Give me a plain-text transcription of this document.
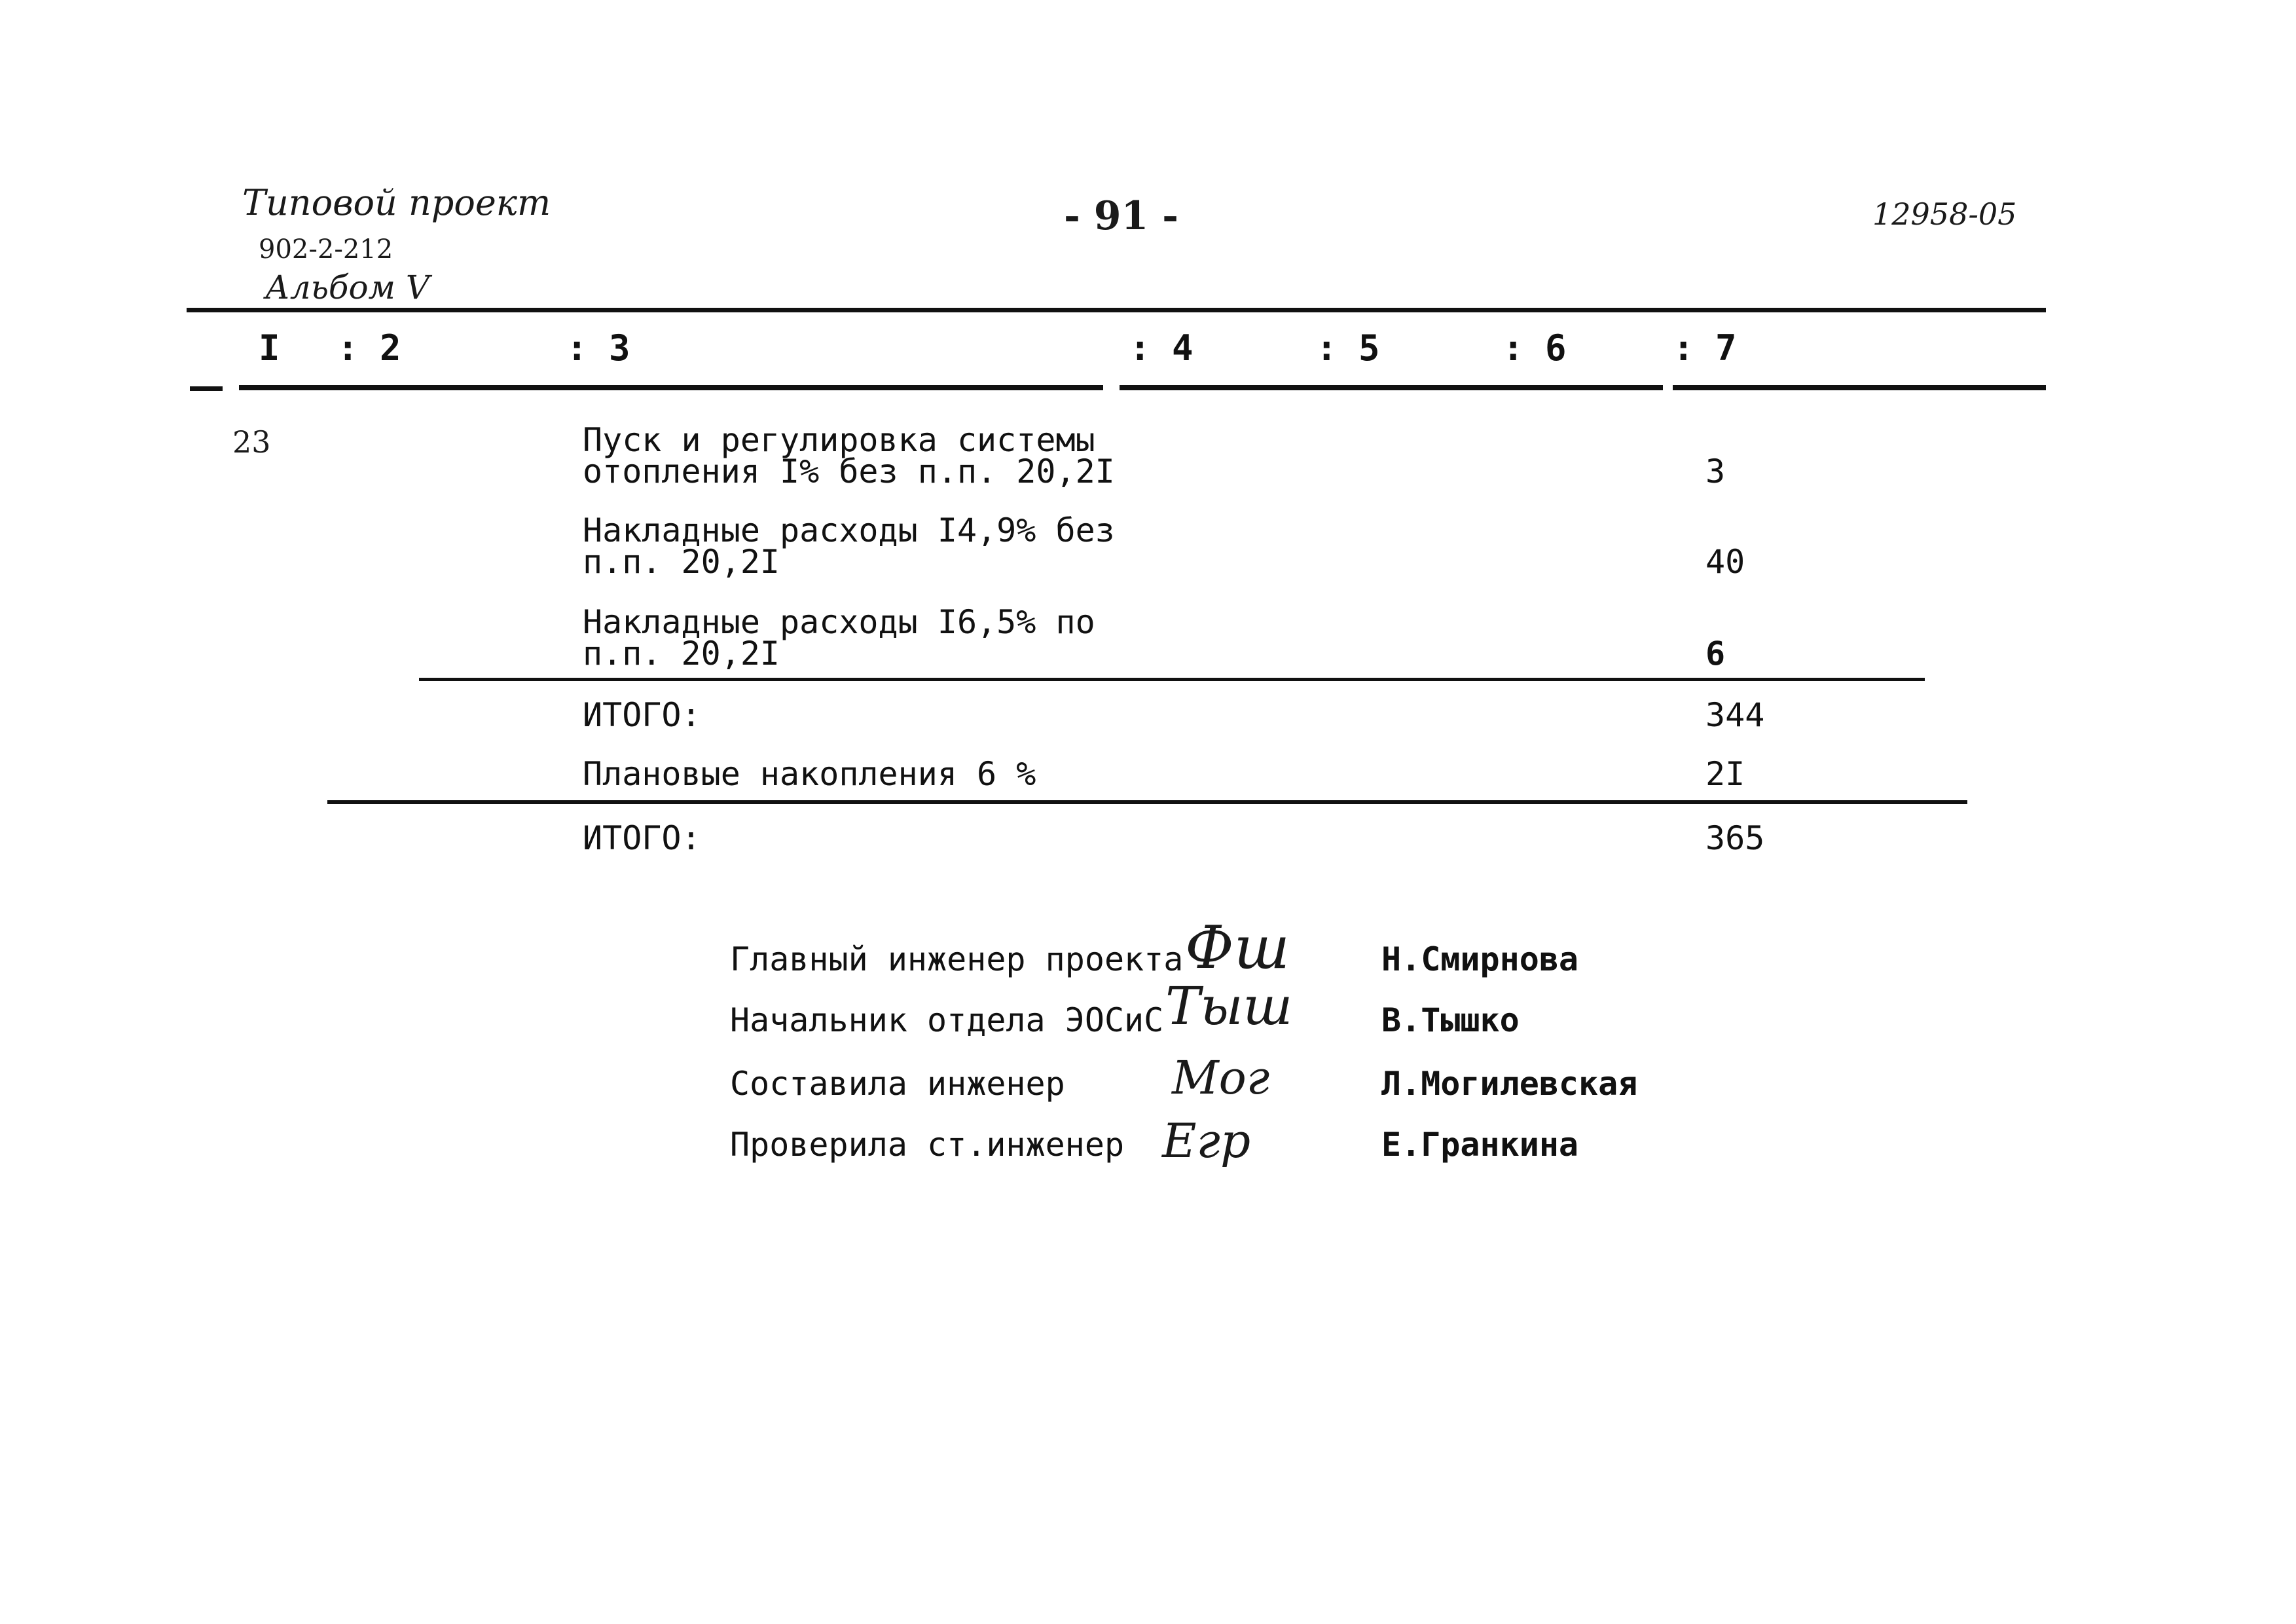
Типовой проект
902-2-212
Альбом V
- 91 -	12958-05
I : 2	: 3	: 4	: 5	: 6	: 7
23	Пуск и регулировка системы
отопления I% без п.п. 20,2I	3
Накладные расходы I4,9% без
п.п. 20,2I	40
Накладные расходы I6,5% по
п.п. 20,2I	6
ИТОГО:	344
Плановые накопления 6 %	2I
ИТОГО:	365
Главный инженер проекта Фш	Н.Смирнова
Начальник отдела ЭОСиС Тыш	В.Тышко
Составила инженер Мог	Л.Могилевская
Проверила ст.инженер Егр	Е.Гранкина
